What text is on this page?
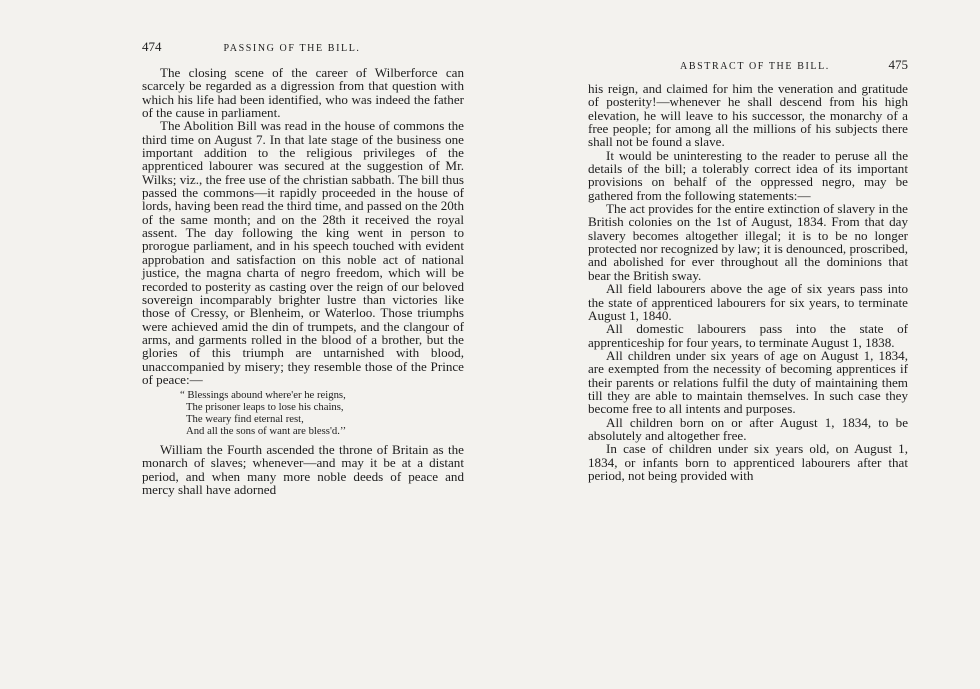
474	PASSING OF THE BILL.

The closing scene of the career of Wilberforce can scarcely be regarded as a digression from that question with which his life had been identified, who was indeed the father of the cause in parliament.

The Abolition Bill was read in the house of commons the third time on August 7. In that late stage of the business one important addition to the religious privileges of the apprenticed labourer was secured at the suggestion of Mr. Wilks; viz., the free use of the christian sabbath. The bill thus passed the commons—it rapidly proceeded in the house of lords, having been read the third time, and passed on the 20th of the same month; and on the 28th it received the royal assent. The day following the king went in person to prorogue parliament, and in his speech touched with evident approbation and satisfaction on this noble act of national justice, the magna charta of negro freedom, which will be recorded to posterity as casting over the reign of our beloved sovereign incomparably brighter lustre than victories like those of Cressy, or Blenheim, or Waterloo. Those triumphs were achieved amid the din of trumpets, and the clangour of arms, and garments rolled in the blood of a brother, but the glories of this triumph are untarnished with blood, unaccompanied by misery; they resemble those of the Prince of peace:—

“ Blessings abound where'er he reigns,
The prisoner leaps to lose his chains,
The weary find eternal rest,
And all the sons of want are bless'd.’’

William the Fourth ascended the throne of Britain as the monarch of slaves; whenever—and may it be at a distant period, and when many more noble deeds of peace and mercy shall have adorned

ABSTRACT OF THE BILL.	475

his reign, and claimed for him the veneration and gratitude of posterity!—whenever he shall descend from his high elevation, he will leave to his successor, the monarchy of a free people; for among all the millions of his subjects there shall not be found a slave.

It would be uninteresting to the reader to peruse all the details of the bill; a tolerably correct idea of its important provisions on behalf of the oppressed negro, may be gathered from the following statements:—

The act provides for the entire extinction of slavery in the British colonies on the 1st of August, 1834. From that day slavery becomes altogether illegal; it is to be no longer protected nor recognized by law; it is denounced, proscribed, and abolished for ever throughout all the dominions that bear the British sway.

All field labourers above the age of six years pass into the state of apprenticed labourers for six years, to terminate August 1, 1840.

All domestic labourers pass into the state of apprenticeship for four years, to terminate August 1, 1838.

All children under six years of age on August 1, 1834, are exempted from the necessity of becoming apprentices if their parents or relations fulfil the duty of maintaining them till they are able to maintain themselves. In such case they become free to all intents and purposes.

All children born on or after August 1, 1834, to be absolutely and altogether free.

In case of children under six years old, on August 1, 1834, or infants born to apprenticed labourers after that period, not being provided with
